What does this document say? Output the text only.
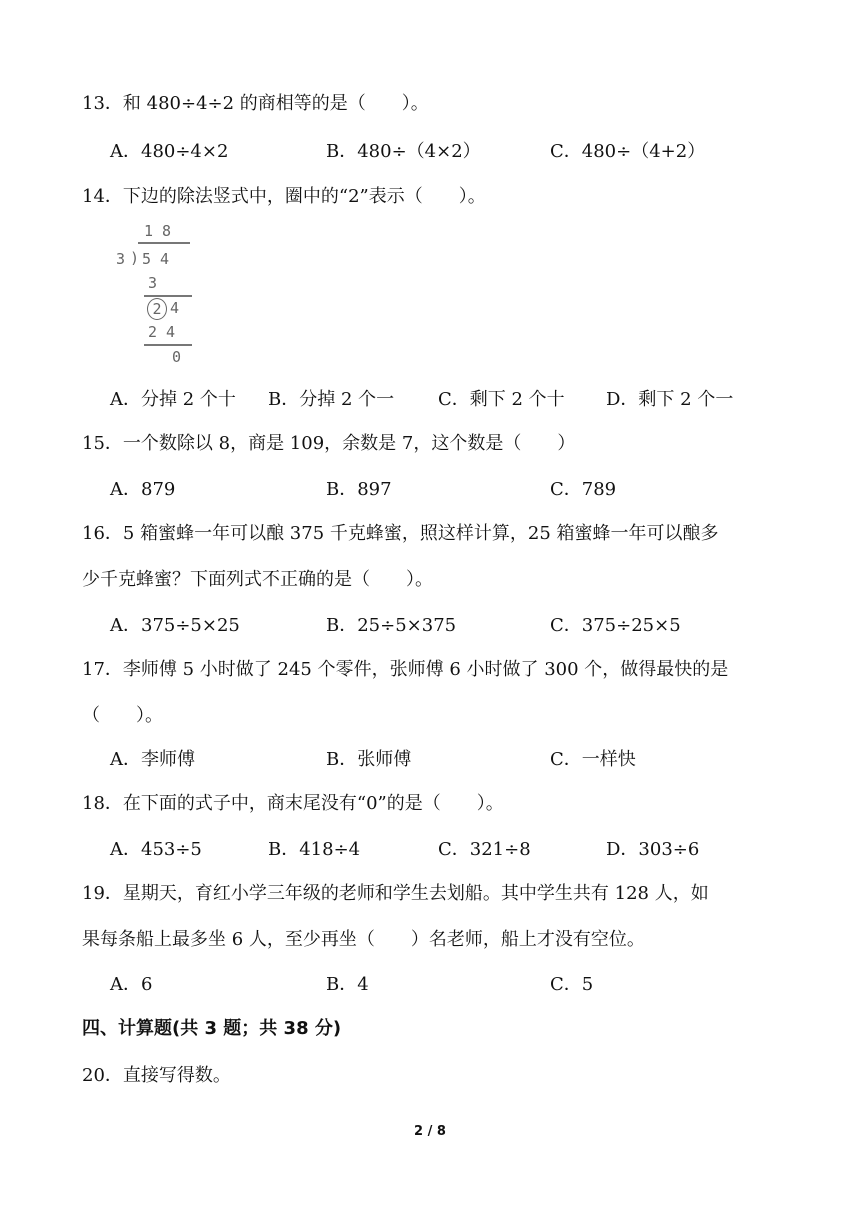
13．和 480÷4÷2 的商相等的是（　　）。
A．480÷4×2	B．480÷（4×2）	C．480÷（4+2）
14．下边的除法竖式中，圈中的“2”表示（　　）。
1 8
3 ) 5 4
3
2 4
2 4
0
A．分掉 2 个十 B．分掉 2 个一 C．剩下 2 个十 D．剩下 2 个一
15．一个数除以 8，商是 109，余数是 7，这个数是（　　）
A．879	B．897	C．789
16．5 箱蜜蜂一年可以酿 375 千克蜂蜜，照这样计算，25 箱蜜蜂一年可以酿多
少千克蜂蜜？下面列式不正确的是（　　）。
A．375÷5×25	B．25÷5×375	C．375÷25×5
17．李师傅 5 小时做了 245 个零件，张师傅 6 小时做了 300 个，做得最快的是
（　　）。
A．李师傅	B．张师傅	C．一样快
18．在下面的式子中，商末尾没有“0”的是（　　）。
A．453÷5	B．418÷4	C．321÷8	D．303÷6
19．星期天，育红小学三年级的老师和学生去划船。其中学生共有 128 人，如
果每条船上最多坐 6 人，至少再坐（　　）名老师，船上才没有空位。
A．6	B．4	C．5
四、计算题(共 3 题；共 38 分)
20．直接写得数。
2 / 8
